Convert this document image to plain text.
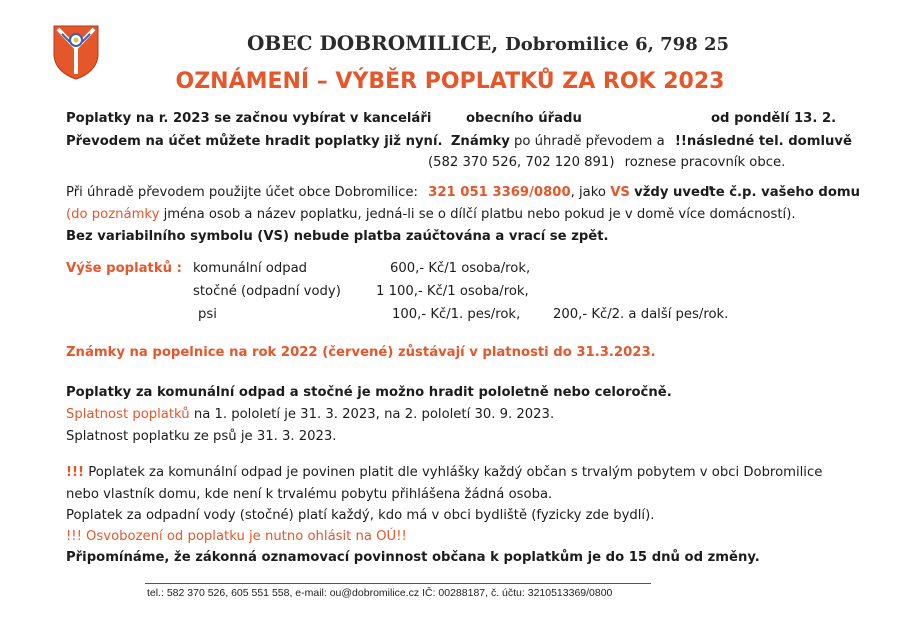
OBEC DOBROMILICE, Dobromilice 6, 798 25
OZNÁMENÍ – VÝBĚR POPLATKŮ ZA ROK 2023
Poplatky na r. 2023 se začnou vybírat v kanceláři	obecního úřadu	od pondělí 13. 2.
Převodem na účet můžete hradit poplatky již nyní. Známky po úhradě převodem a !!následné tel. domluvě
(582 370 526, 702 120 891) roznese pracovník obce.
Při úhradě převodem použijte účet obce Dobromilice: 321 051 3369/0800, jako VS vždy uveďte č.p. vašeho domu
(do poznámky jména osob a název poplatku, jedná-li se o dílčí platbu nebo pokud je v domě více domácností).
Bez variabilního symbolu (VS) nebude platba zaúčtována a vrací se zpět.
Výše poplatků : komunální odpad	600,- Kč/1 osoba/rok,
stočné (odpadní vody)	1 100,- Kč/1 osoba/rok,
psi	100,- Kč/1. pes/rok, 200,- Kč/2. a další pes/rok.
Známky na popelnice na rok 2022 (červené) zůstávají v platnosti do 31.3.2023.
Poplatky za komunální odpad a stočné je možno hradit pololetně nebo celoročně.
Splatnost poplatků na 1. pololetí je 31. 3. 2023, na 2. pololetí 30. 9. 2023.
Splatnost poplatku ze psů je 31. 3. 2023.
!!! Poplatek za komunální odpad je povinen platit dle vyhlášky každý občan s trvalým pobytem v obci Dobromilice
nebo vlastník domu, kde není k trvalému pobytu přihlášena žádná osoba.
Poplatek za odpadní vody (stočné) platí každý, kdo má v obci bydliště (fyzicky zde bydlí).
!!! Osvobození od poplatku je nutno ohlásit na OÚ!!
Připomínáme, že zákonná oznamovací povinnost občana k poplatkům je do 15 dnů od změny.
tel.: 582 370 526, 605 551 558, e-mail: ou@dobromilice.cz IČ: 00288187, č. účtu: 3210513369/0800
